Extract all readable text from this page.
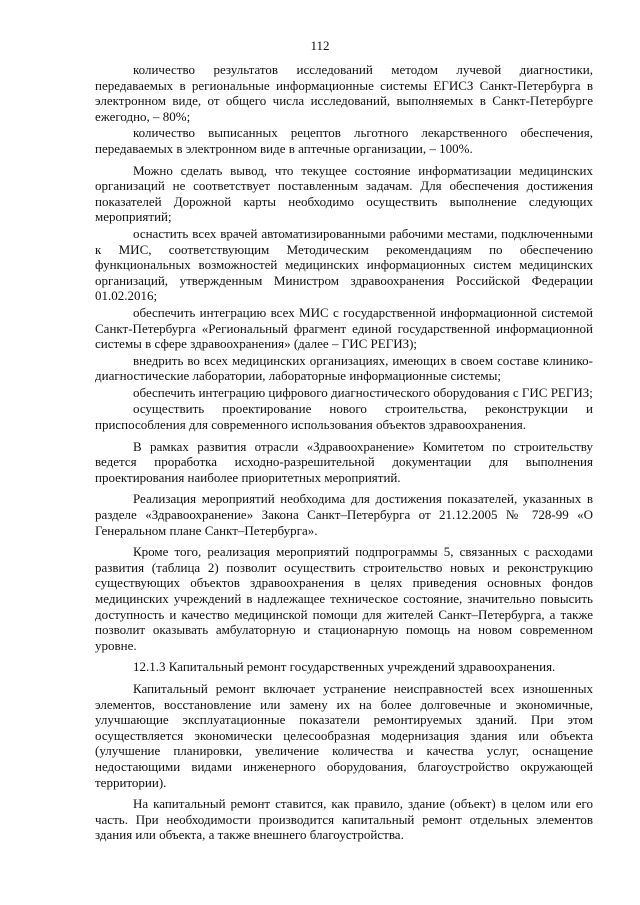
112

количество результатов исследований методом лучевой диагностики, передаваемых в региональные информационные системы ЕГИСЗ Санкт-Петербурга в электронном виде, от общего числа исследований, выполняемых в Санкт-Петербурге ежегодно, – 80%;

количество выписанных рецептов льготного лекарственного обеспечения, передаваемых в электронном виде в аптечные организации, – 100%.

Можно сделать вывод, что текущее состояние информатизации медицинских организаций не соответствует поставленным задачам. Для обеспечения достижения показателей Дорожной карты необходимо осуществить выполнение следующих мероприятий;

оснастить всех врачей автоматизированными рабочими местами, подключенными к МИС, соответствующим Методическим рекомендациям по обеспечению функциональных возможностей медицинских информационных систем медицинских организаций, утвержденным Министром здравоохранения Российской Федерации 01.02.2016;

обеспечить интеграцию всех МИС с государственной информационной системой Санкт-Петербурга «Региональный фрагмент единой государственной информационной системы в сфере здравоохранения» (далее – ГИС РЕГИЗ);

внедрить во всех медицинских организациях, имеющих в своем составе клинико-диагностические лаборатории, лабораторные информационные системы;

обеспечить интеграцию цифрового диагностического оборудования с ГИС РЕГИЗ;

осуществить проектирование нового строительства, реконструкции и приспособления для современного использования объектов здравоохранения.

В рамках развития отрасли «Здравоохранение» Комитетом по строительству ведется проработка исходно-разрешительной документации для выполнения проектирования наиболее приоритетных мероприятий.

Реализация мероприятий необходима для достижения показателей, указанных в разделе «Здравоохранение» Закона Санкт–Петербурга от 21.12.2005 № 728-99 «О Генеральном плане Санкт–Петербурга».

Кроме того, реализация мероприятий подпрограммы 5, связанных с расходами развития (таблица 2) позволит осуществить строительство новых и реконструкцию существующих объектов здравоохранения в целях приведения основных фондов медицинских учреждений в надлежащее техническое состояние, значительно повысить доступность и качество медицинской помощи для жителей Санкт–Петербурга, а также позволит оказывать амбулаторную и стационарную помощь на новом современном уровне.

12.1.3 Капитальный ремонт государственных учреждений здравоохранения.

Капитальный ремонт включает устранение неисправностей всех изношенных элементов, восстановление или замену их на более долговечные и экономичные, улучшающие эксплуатационные показатели ремонтируемых зданий. При этом осуществляется экономически целесообразная модернизация здания или объекта (улучшение планировки, увеличение количества и качества услуг, оснащение недостающими видами инженерного оборудования, благоустройство окружающей территории).

На капитальный ремонт ставится, как правило, здание (объект) в целом или его часть. При необходимости производится капитальный ремонт отдельных элементов здания или объекта, а также внешнего благоустройства.
